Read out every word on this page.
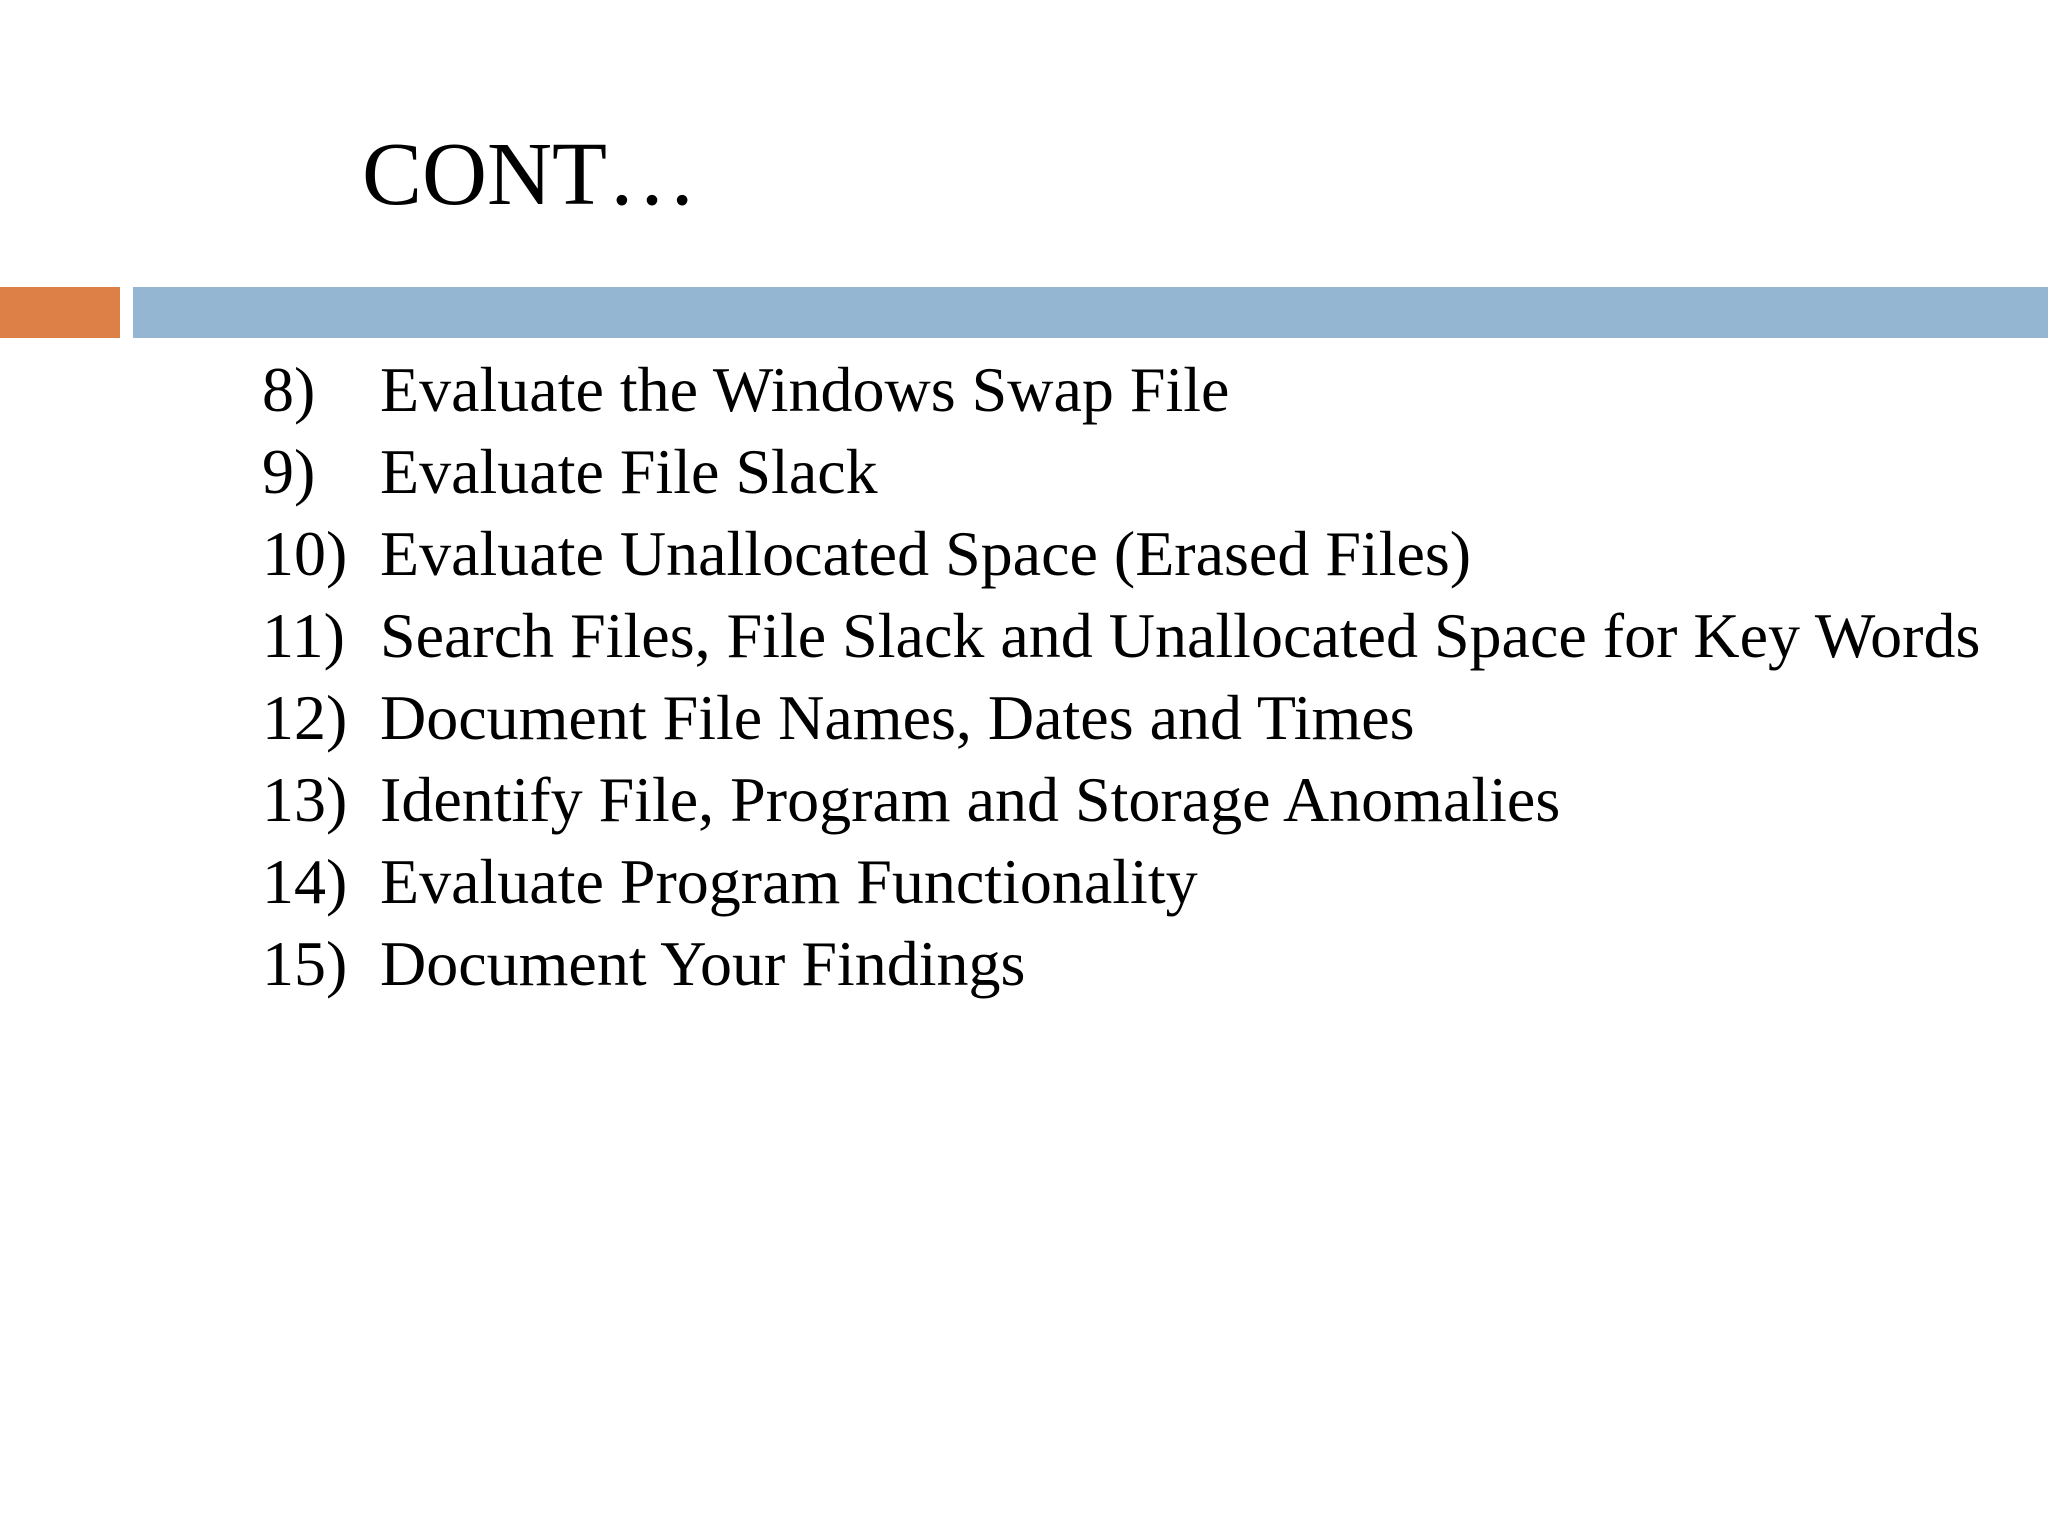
CONT…
8)	Evaluate the Windows Swap File
9)	Evaluate File Slack
10) Evaluate Unallocated Space (Erased Files)
11) Search Files, File Slack and Unallocated Space for Key Words
12) Document File Names, Dates and Times
13) Identify File, Program and Storage Anomalies
14) Evaluate Program Functionality
15) Document Your Findings
